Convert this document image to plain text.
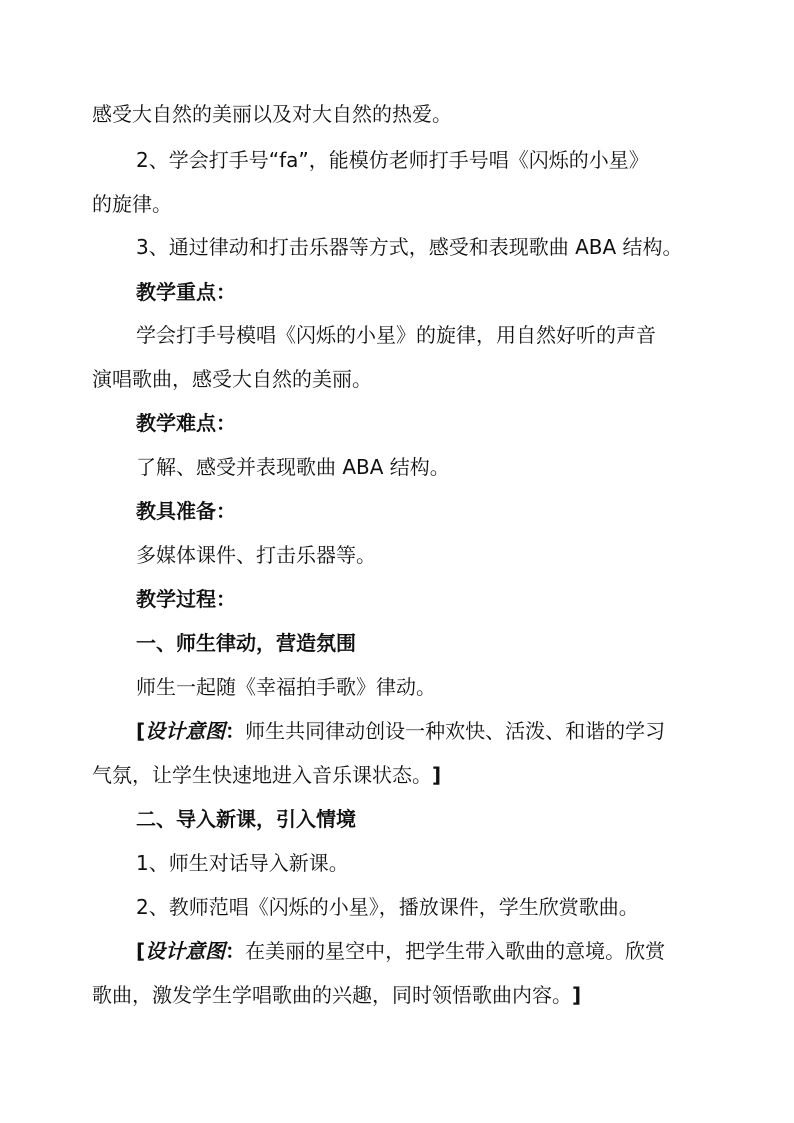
感受大自然的美丽以及对大自然的热爱。
2、学会打手号“fa”，能模仿老师打手号唱《闪烁的小星》
的旋律。
3、通过律动和打击乐器等方式，感受和表现歌曲 ABA 结构。
教学重点：
学会打手号模唱《闪烁的小星》的旋律，用自然好听的声音
演唱歌曲，感受大自然的美丽。
教学难点：
了解、感受并表现歌曲 ABA 结构。
教具准备：
多媒体课件、打击乐器等。
教学过程：
一、师生律动，营造氛围
师生一起随《幸福拍手歌》律动。
[设计意图：师生共同律动创设一种欢快、活泼、和谐的学习
气氛，让学生快速地进入音乐课状态。 ]
二、导入新课，引入情境
1、师生对话导入新课。
2、教师范唱《闪烁的小星》，播放课件，学生欣赏歌曲。
[设计意图：在美丽的星空中，把学生带入歌曲的意境。欣赏
歌曲，激发学生学唱歌曲的兴趣，同时领悟歌曲内容。 ]
